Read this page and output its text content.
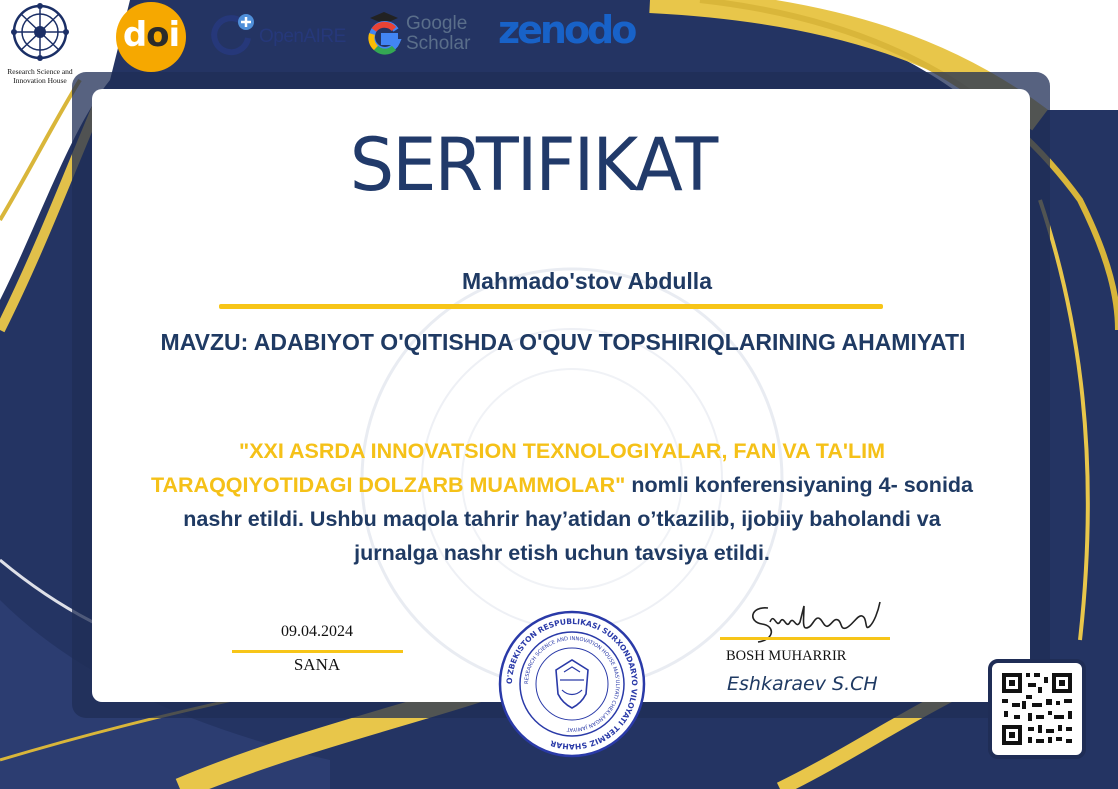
Research Science and
Innovation House
doi	OpenAIRE
Google
Scholar zenodo
SERTIFIKAT
Mahmado'stov Abdulla
MAVZU: ADABIYOT O'QITISHDA O'QUV TOPSHIRIQLARINING AHAMIYATI
"XXI ASRDA INNOVATSION TEXNOLOGIYALAR, FAN VA TA'LIM TARAQQIYOTIDAGI DOLZARB MUAMMOLAR" nomli konferensiyaning 4- sonida nashr etildi. Ushbu maqola tahrir hay’atidan o’tkazilib, ijobiiy baholandi va jurnalga nashr etish uchun tavsiya etildi.
09.04.2024
SANA	BOSH MUHARRIR
Eshkaraev S.CH
O'ZBEKISTON RESPUBLIKASI SURXONDARYO VILOYATI TERMIZ SHAHAR
RESEARCH SCIENCE AND INNOVATION HOUSE MAS'ULIYATI CHEKLANGAN JAMIYAT
